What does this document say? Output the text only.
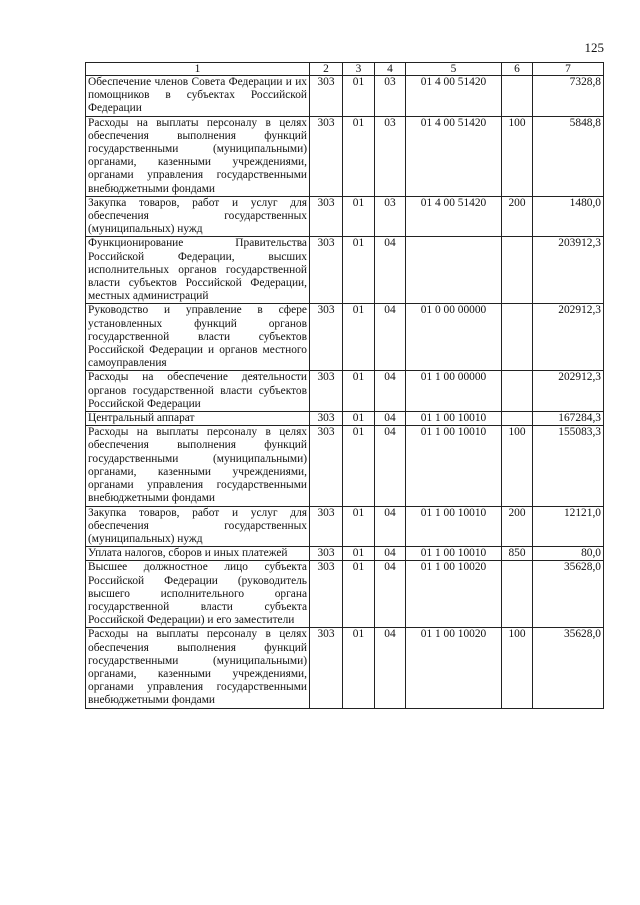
125
1	2	3	4	5	6	7
Обеспечение членов Совета Федерации и их помощников в субъектах Российской Федерации	303	01	03	01 4 00 51420		7328,8
Расходы на выплаты персоналу в целях обеспечения выполнения функций государственными (муниципальными) органами, казенными учреждениями, органами управления государственными внебюджетными фондами	303	01	03	01 4 00 51420	100	5848,8
Закупка товаров, работ и услуг для обеспечения государственных (муниципальных) нужд	303	01	03	01 4 00 51420	200	1480,0
Функционирование Правительства Российской Федерации, высших исполнительных органов государственной власти субъектов Российской Федерации, местных администраций	303	01	04			203912,3
Руководство и управление в сфере установленных функций органов государственной власти субъектов Российской Федерации и органов местного самоуправления	303	01	04	01 0 00 00000		202912,3
Расходы на обеспечение деятельности органов государственной власти субъектов Российской Федерации	303	01	04	01 1 00 00000		202912,3
Центральный аппарат	303	01	04	01 1 00 10010		167284,3
Расходы на выплаты персоналу в целях обеспечения выполнения функций государственными (муниципальными) органами, казенными учреждениями, органами управления государственными внебюджетными фондами	303	01	04	01 1 00 10010	100	155083,3
Закупка товаров, работ и услуг для обеспечения государственных (муниципальных) нужд	303	01	04	01 1 00 10010	200	12121,0
Уплата налогов, сборов и иных платежей	303	01	04	01 1 00 10010	850	80,0
Высшее должностное лицо субъекта Российской Федерации (руководитель высшего исполнительного органа государственной власти субъекта Российской Федерации) и его заместители	303	01	04	01 1 00 10020		35628,0
Расходы на выплаты персоналу в целях обеспечения выполнения функций государственными (муниципальными) органами, казенными учреждениями, органами управления государственными внебюджетными фондами	303	01	04	01 1 00 10020	100	35628,0
